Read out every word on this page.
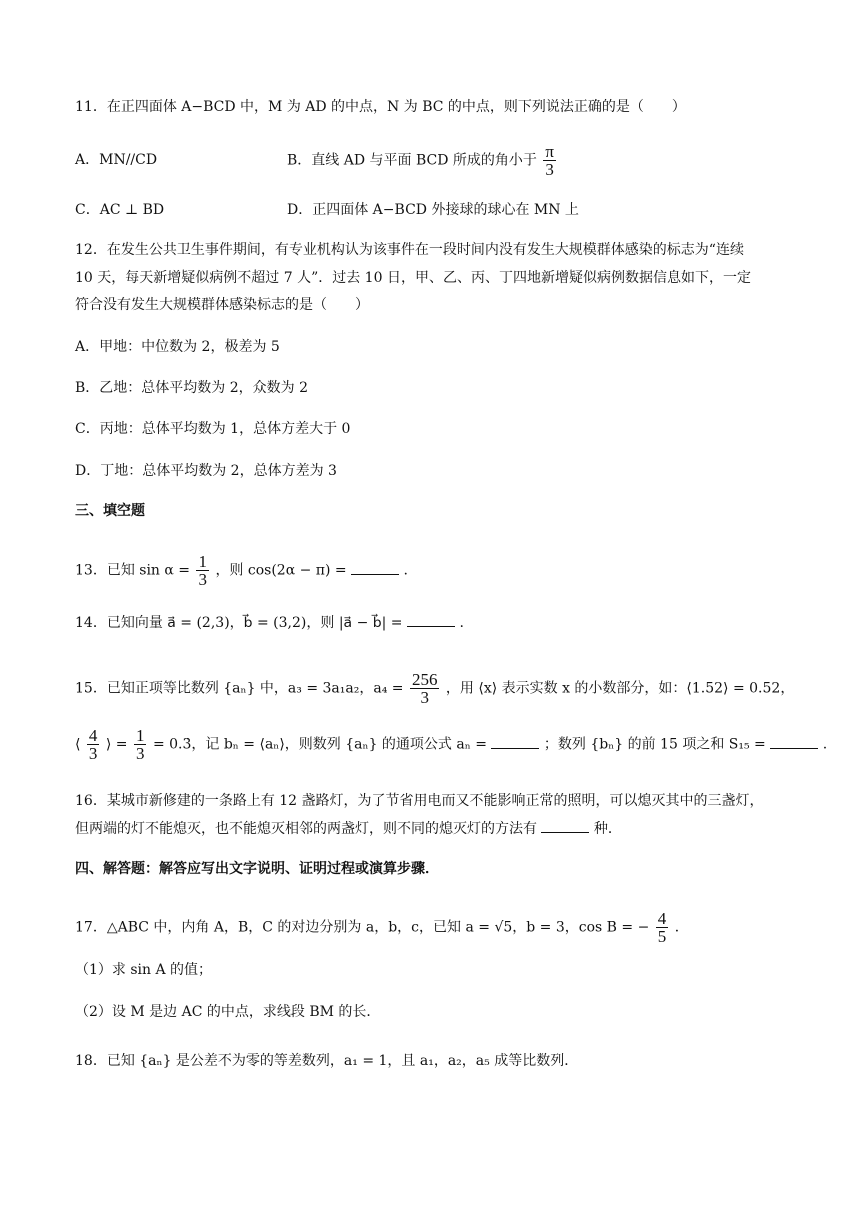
11．在正四面体 A−BCD 中，M 为 AD 的中点，N 为 BC 的中点，则下列说法正确的是（　　）
A．MN//CD	B．直线 AD 与平面 BCD 所成的角小于 $\frac{\pi}{3}$
C．AC ⊥ BD	D．正四面体 A−BCD 外接球的球心在 MN 上
12．在发生公共卫生事件期间，有专业机构认为该事件在一段时间内没有发生大规模群体感染的标志为“连续
10 天，每天新增疑似病例不超过 7 人”．过去 10 日，甲、乙、丙、丁四地新增疑似病例数据信息如下，一定
符合没有发生大规模群体感染标志的是（　　）
A．甲地：中位数为 2，极差为 5
B．乙地：总体平均数为 2，众数为 2
C．丙地：总体平均数为 1，总体方差大于 0
D．丁地：总体平均数为 2，总体方差为 3
三、填空题
13．已知 $\sin \alpha = \frac{1}{3}$ ，则 cos(2α − π) =	.
14．已知向量 a⃗ = (2,3)，b⃗ = (3,2)，则 |a⃗ − b⃗| =	.
15．已知正项等比数列 {aₙ} 中，a₃ = 3a₁a₂，$a_4 = \frac{256}{3}$ ，用 ⟨x⟩ 表示实数 x 的小数部分，如：⟨1.52⟩ = 0.52，
⟨ $\frac{4}{3}$ ⟩ = $\frac{1}{3}$ = 0.3̇，记 bₙ = ⟨aₙ⟩，则数列 {aₙ} 的通项公式 aₙ =	；数列 {bₙ} 的前 15 项之和 S₁₅ =	.
16．某城市新修建的一条路上有 12 盏路灯，为了节省用电而又不能影响正常的照明，可以熄灭其中的三盏灯，
但两端的灯不能熄灭，也不能熄灭相邻的两盏灯，则不同的熄灭灯的方法有	种．
四、解答题：解答应写出文字说明、证明过程或演算步骤．
17．△ABC 中，内角 A，B，C 的对边分别为 a，b，c，已知 a = √5，b = 3，cos B = − $\frac{4}{5}$ ．
（1）求 sin A 的值；
（2）设 M 是边 AC 的中点，求线段 BM 的长．
18．已知 {aₙ} 是公差不为零的等差数列，a₁ = 1，且 a₁，a₂，a₅ 成等比数列．
